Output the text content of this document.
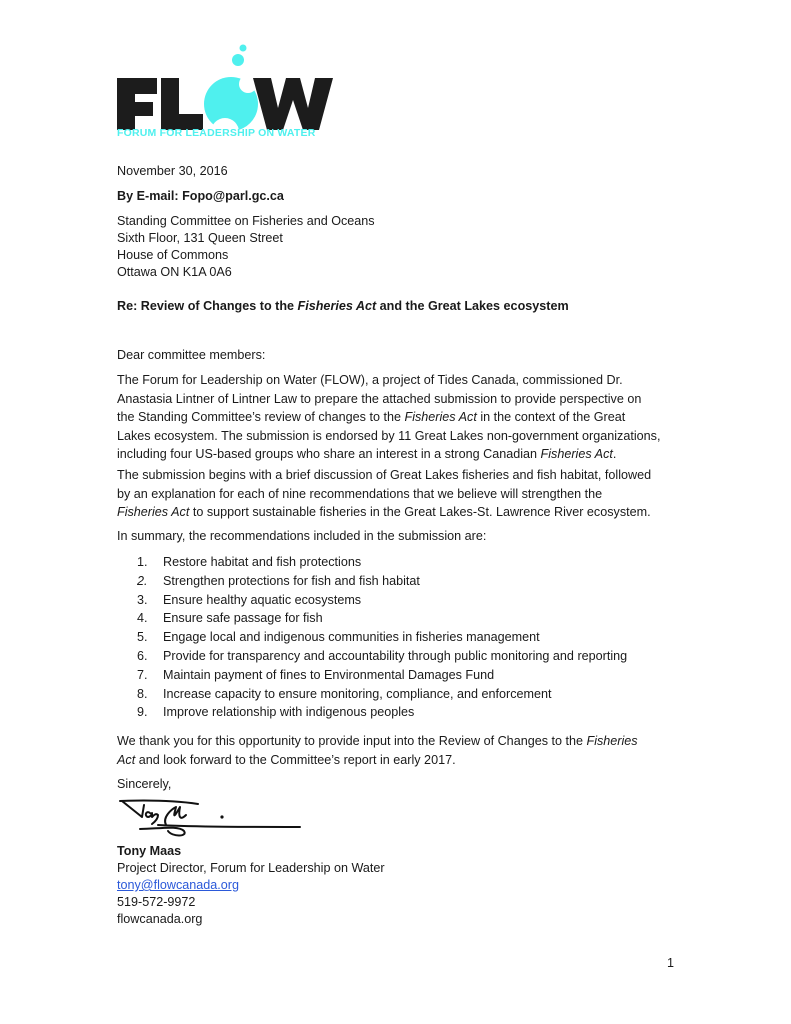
FORUM FOR LEADERSHIP ON WATER
November 30, 2016
By E-mail: Fopo@parl.gc.ca
Standing Committee on Fisheries and Oceans
Sixth Floor, 131 Queen Street
House of Commons
Ottawa ON K1A 0A6
Re: Review of Changes to the Fisheries Act and the Great Lakes ecosystem
Dear committee members:

The Forum for Leadership on Water (FLOW), a project of Tides Canada, commissioned Dr.

Anastasia Lintner of Lintner Law to prepare the attached submission to provide perspective on

the Standing Committee’s review of changes to the Fisheries Act in the context of the Great

Lakes ecosystem. The submission is endorsed by 11 Great Lakes non-government organizations,

including four US-based groups who share an interest in a strong Canadian Fisheries Act.

The submission begins with a brief discussion of Great Lakes fisheries and fish habitat, followed

by an explanation for each of nine recommendations that we believe will strengthen the

Fisheries Act to support sustainable fisheries in the Great Lakes-St. Lawrence River ecosystem.

In summary, the recommendations included in the submission are:
1.	Restore habitat and fish protections
2.	Strengthen protections for fish and fish habitat
3.	Ensure healthy aquatic ecosystems
4.	Ensure safe passage for fish
5.	Engage local and indigenous communities in fisheries management
6.	Provide for transparency and accountability through public monitoring and reporting
7.	Maintain payment of fines to Environmental Damages Fund
8.	Increase capacity to ensure monitoring, compliance, and enforcement
9.	Improve relationship with indigenous peoples

We thank you for this opportunity to provide input into the Review of Changes to the Fisheries

Act and look forward to the Committee’s report in early 2017.

Sincerely,
Tony Maas
Project Director, Forum for Leadership on Water
tony@flowcanada.org
519-572-9972
flowcanada.org
1
